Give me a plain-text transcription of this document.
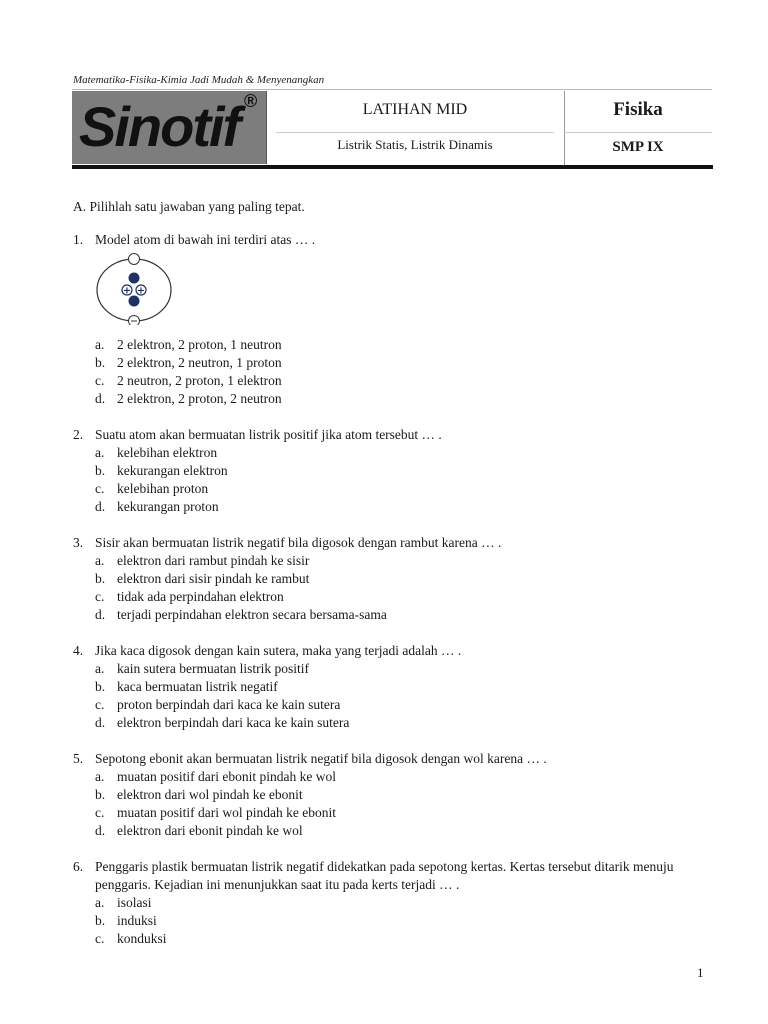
Matematika-Fisika-Kimia Jadi Mudah & Menyenangkan
Sinotif ®	LATIHAN MID
Listrik Statis, Listrik Dinamis
Fisika
SMP IX
A. Pilihlah satu jawaban yang paling tepat.
1. Model atom di bawah ini terdiri atas … .
+ +
a. 2 elektron, 2 proton, 1 neutron
b. 2 elektron, 2 neutron, 1 proton
c. 2 neutron, 2 proton, 1 elektron
d. 2 elektron, 2 proton, 2 neutron
2. Suatu atom akan bermuatan listrik positif jika atom tersebut … .
a. kelebihan elektron
b. kekurangan elektron
c. kelebihan proton
d. kekurangan proton
3. Sisir akan bermuatan listrik negatif bila digosok dengan rambut karena … .
a. elektron dari rambut pindah ke sisir
b. elektron dari sisir pindah ke rambut
c. tidak ada perpindahan elektron
d. terjadi perpindahan elektron secara bersama-sama
4. Jika kaca digosok dengan kain sutera, maka yang terjadi adalah … .
a. kain sutera bermuatan listrik positif
b. kaca bermuatan listrik negatif
c. proton berpindah dari kaca ke kain sutera
d. elektron berpindah dari kaca ke kain sutera
5. Sepotong ebonit akan bermuatan listrik negatif bila digosok dengan wol karena … .
a. muatan positif dari ebonit pindah ke wol
b. elektron dari wol pindah ke ebonit
c. muatan positif dari wol pindah ke ebonit
d. elektron dari ebonit pindah ke wol
6. Penggaris plastik bermuatan listrik negatif didekatkan pada sepotong kertas. Kertas tersebut ditarik menuju penggaris. Kejadian ini menunjukkan saat itu pada kerts terjadi … .
a. isolasi
b. induksi
c. konduksi
1
